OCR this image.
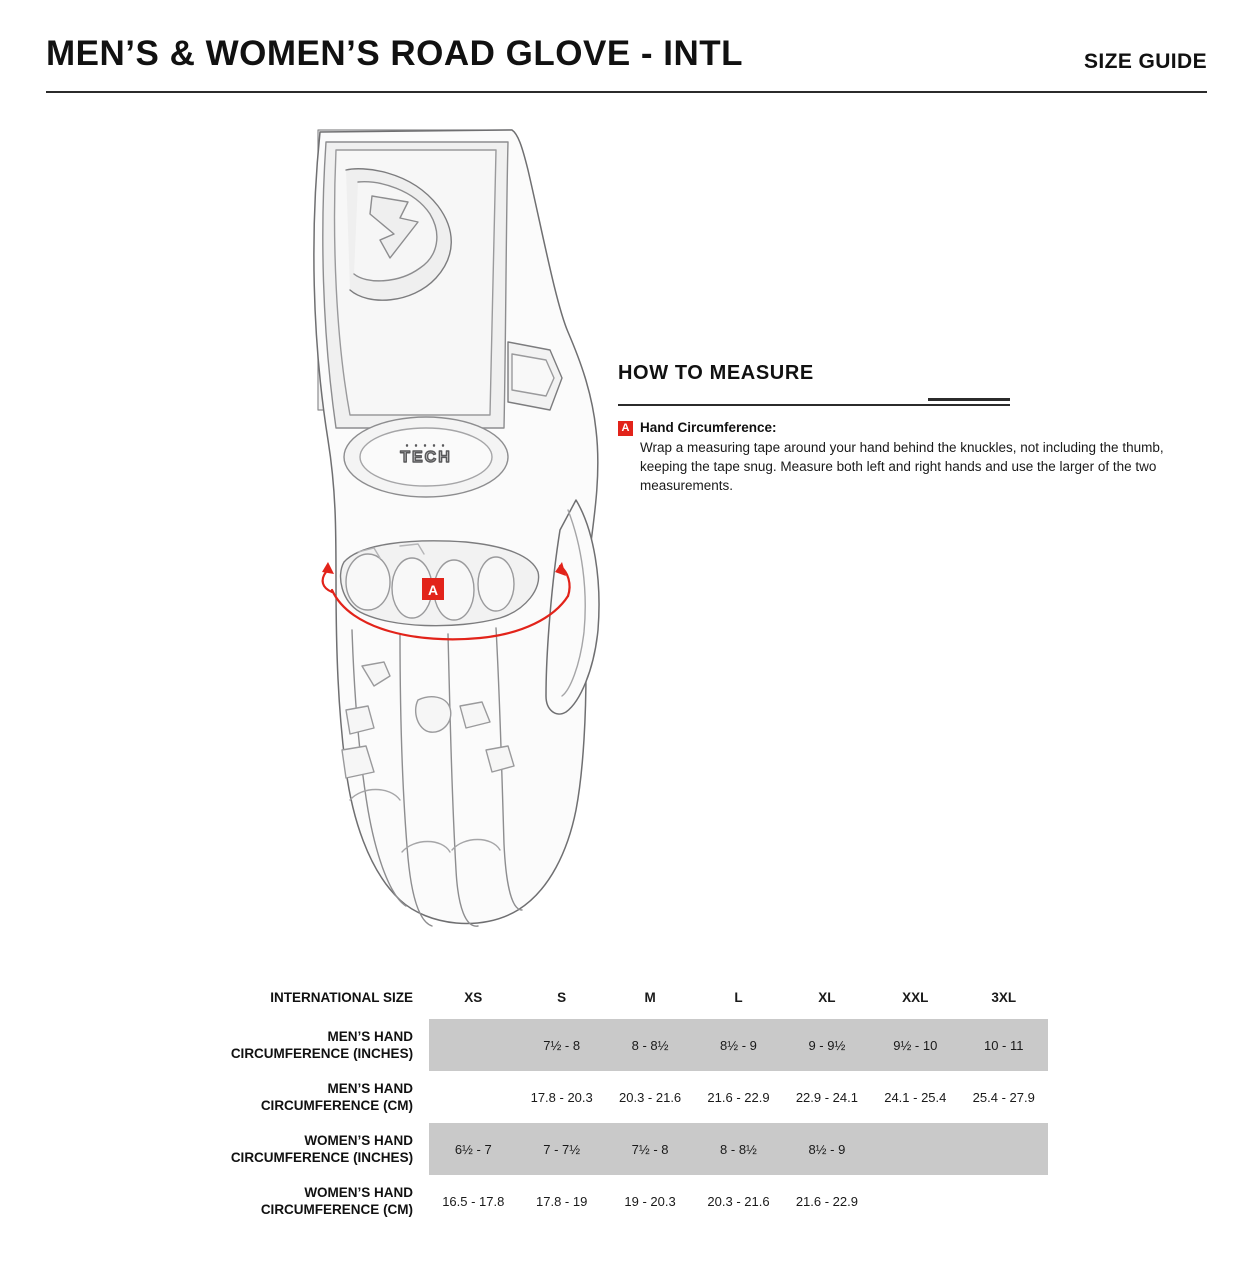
MEN’S & WOMEN’S ROAD GLOVE - INTL	SIZE GUIDE
TECH
. . . . .
A
HOW TO MEASURE
A Hand Circumference:
Wrap a measuring tape around your hand behind the knuckles, not including the thumb, keeping the tape snug. Measure both left and right hands and use the larger of the two measurements.
INTERNATIONAL SIZE	XS	S	M	L	XL	XXL	3XL

MEN’S HAND
CIRCUMFERENCE (INCHES)		7½ - 8	8 - 8½	8½ - 9	9 - 9½	9½ - 10	10 - 11

MEN’S HAND
CIRCUMFERENCE (CM)		17.8 - 20.3	20.3 - 21.6	21.6 - 22.9	22.9 - 24.1	24.1 - 25.4	25.4 - 27.9

WOMEN’S HAND
CIRCUMFERENCE (INCHES)	6½ - 7	7 - 7½	7½ - 8	8 - 8½	8½ - 9		

WOMEN’S HAND
CIRCUMFERENCE (CM)	16.5 - 17.8	17.8 - 19	19 - 20.3	20.3 - 21.6	21.6 - 22.9		
